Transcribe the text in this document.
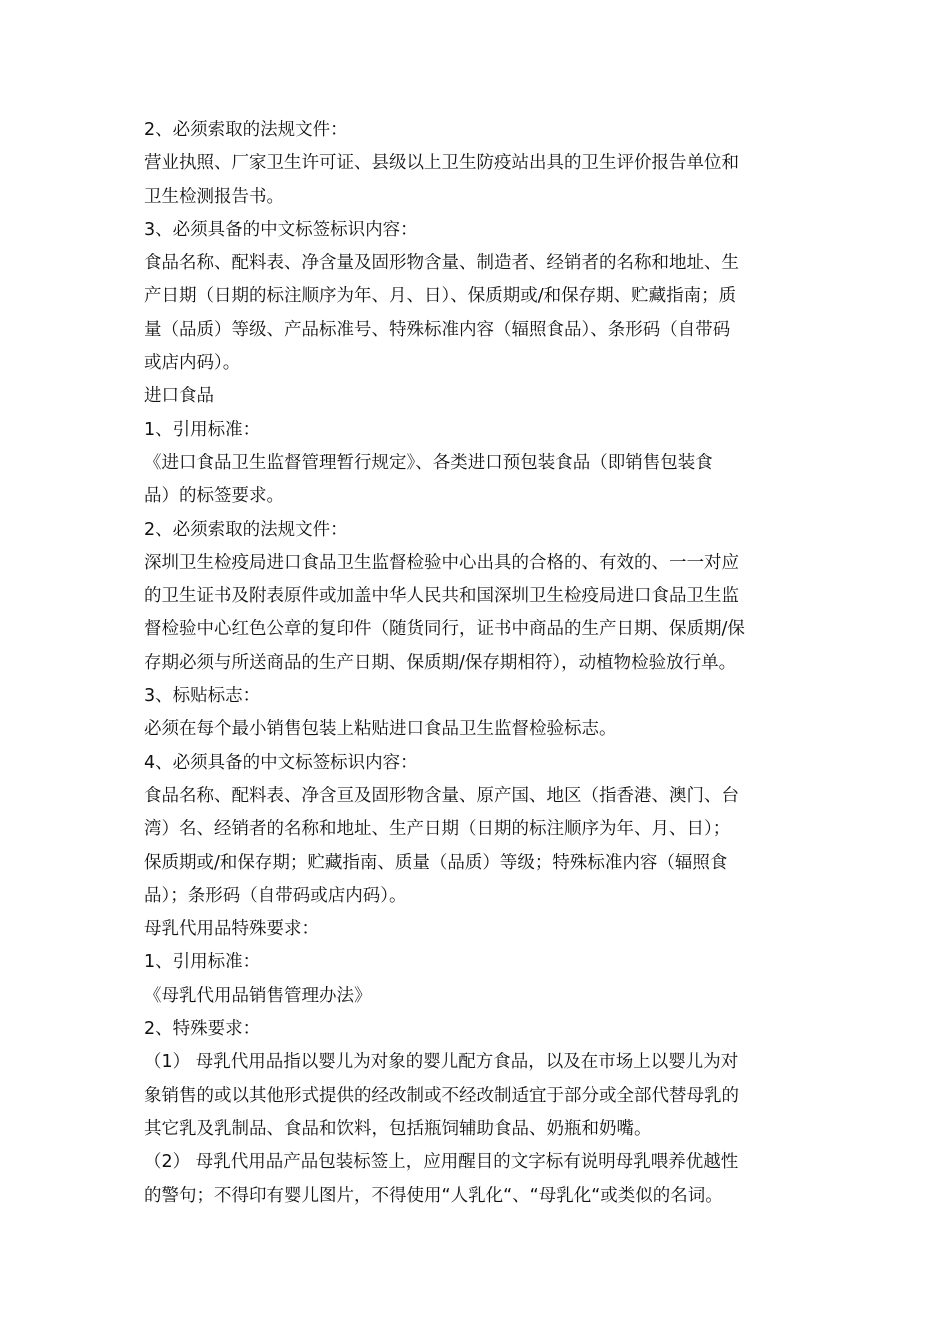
2、必须索取的法规文件：
营业执照、厂家卫生许可证、县级以上卫生防疫站出具的卫生评价报告单位和
卫生检测报告书。
3、必须具备的中文标签标识内容：
食品名称、配料表、净含量及固形物含量、制造者、经销者的名称和地址、生
产日期（日期的标注顺序为年、月、日）、保质期或/和保存期、贮藏指南；质
量（品质）等级、产品标准号、特殊标准内容（辐照食品）、条形码（自带码
或店内码）。
进口食品
1、引用标准：
《进口食品卫生监督管理暂行规定》、各类进口预包装食品（即销售包装食
品）的标签要求。
2、必须索取的法规文件：
深圳卫生检疫局进口食品卫生监督检验中心出具的合格的、有效的、一一对应
的卫生证书及附表原件或加盖中华人民共和国深圳卫生检疫局进口食品卫生监
督检验中心红色公章的复印件（随货同行，证书中商品的生产日期、保质期/保
存期必须与所送商品的生产日期、保质期/保存期相符），动植物检验放行单。
3、标贴标志：
必须在每个最小销售包装上粘贴进口食品卫生监督检验标志。
4、必须具备的中文标签标识内容：
食品名称、配料表、净含亘及固形物含量、原产国、地区（指香港、澳门、台
湾）名、经销者的名称和地址、生产日期（日期的标注顺序为年、月、日）；
保质期或/和保存期；贮藏指南、质量（品质）等级；特殊标准内容（辐照食
品）；条形码（自带码或店内码）。
母乳代用品特殊要求：
1、引用标准：
《母乳代用品销售管理办法》
2、特殊要求：
（1） 母乳代用品指以婴儿为对象的婴儿配方食品，以及在市场上以婴儿为对
象销售的或以其他形式提供的经改制或不经改制适宜于部分或全部代替母乳的
其它乳及乳制品、食品和饮料，包括瓶饲辅助食品、奶瓶和奶嘴。
（2） 母乳代用品产品包装标签上，应用醒目的文字标有说明母乳喂养优越性
的警句；不得印有婴儿图片，不得使用“人乳化“、“母乳化“或类似的名词。
